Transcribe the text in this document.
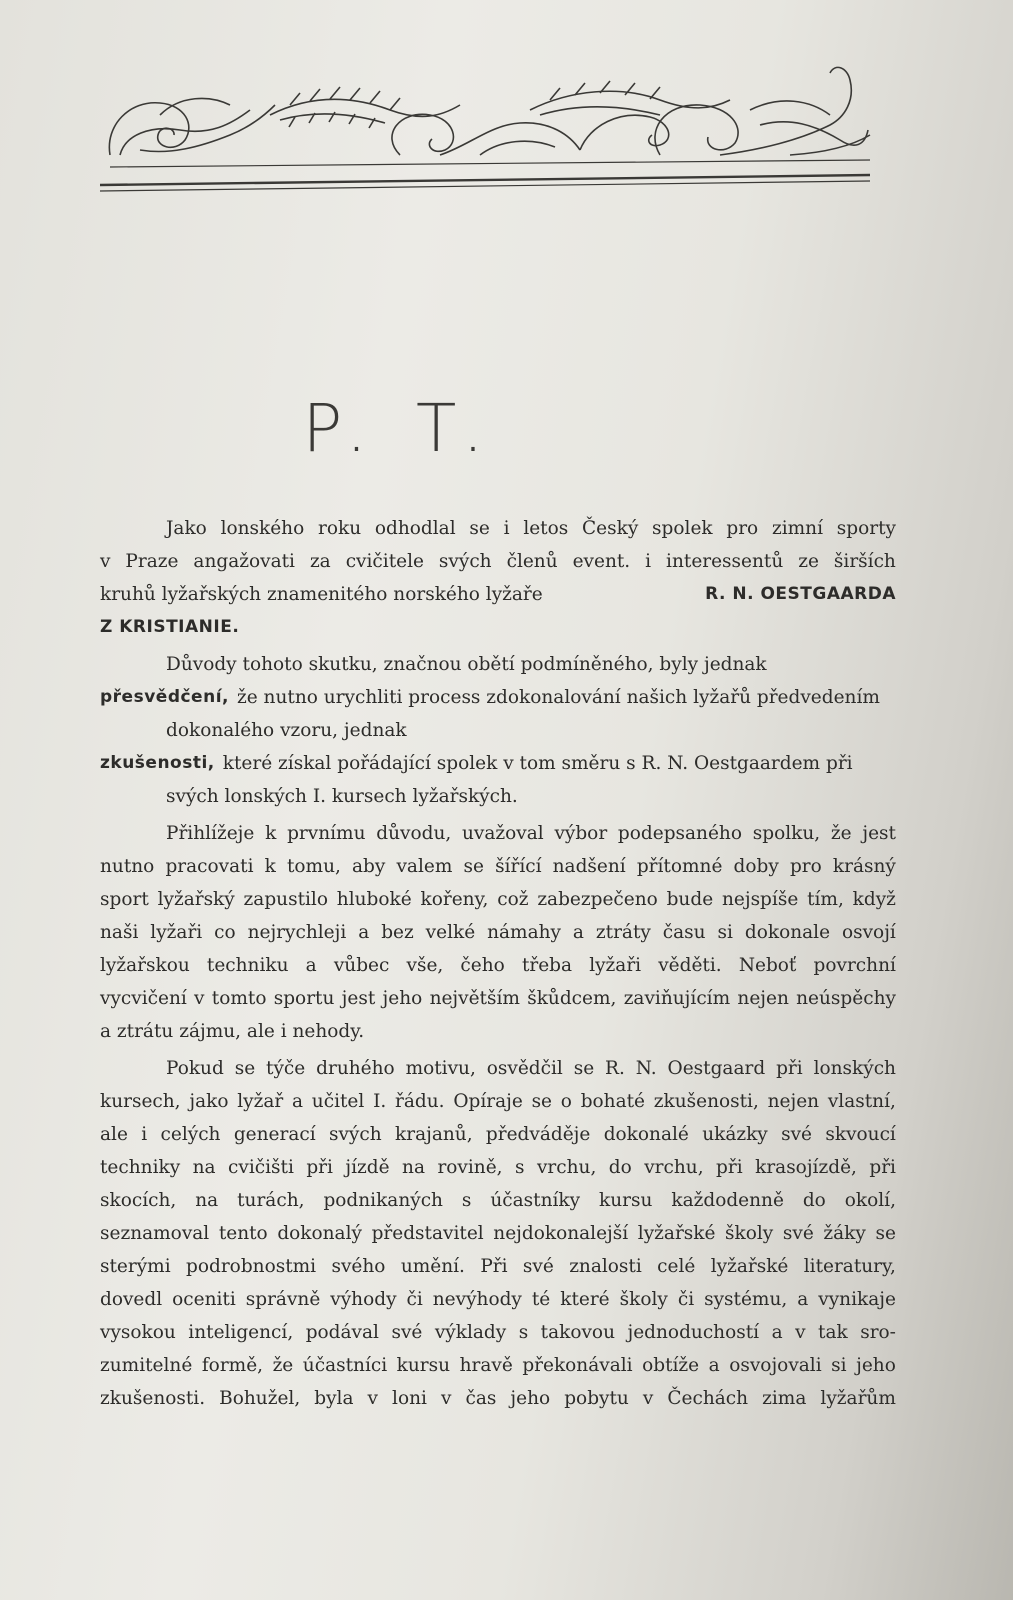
P. T.
Jako lonského roku odhodlal se i letos Český spolek pro zimní sporty
v Praze angažovati za cvičitele svých členů event. i interessentů ze širších
kruhů lyžařských znamenitého norského lyžaře	R. N. OESTGAARDA
Z KRISTIANIE.
Důvody tohoto skutku, značnou obětí podmíněného, byly jednak
přesvědčení, že nutno urychliti process zdokonalování našich lyžařů předvedením
dokonalého vzoru, jednak
zkušenosti, které získal pořádající spolek v tom směru s R. N. Oestgaardem při
svých lonských I. kursech lyžařských.
Přihlížeje k prvnímu důvodu, uvažoval výbor podepsaného spolku, že jest
nutno pracovati k tomu, aby valem se šířící nadšení přítomné doby pro krásný
sport lyžařský zapustilo hluboké kořeny, což zabezpečeno bude nejspíše tím, když
naši lyžaři co nejrychleji a bez velké námahy a ztráty času si dokonale osvojí
lyžařskou techniku a vůbec vše, čeho třeba lyžaři věděti. Neboť povrchní
vycvičení v tomto sportu jest jeho největším škůdcem, zaviňujícím nejen neúspěchy
a ztrátu zájmu, ale i nehody.
Pokud se týče druhého motivu, osvědčil se R. N. Oestgaard při lonských
kursech, jako lyžař a učitel I. řádu. Opíraje se o bohaté zkušenosti, nejen vlastní,
ale i celých generací svých krajanů, předváděje dokonalé ukázky své skvoucí
techniky na cvičišti při jízdě na rovině, s vrchu, do vrchu, při krasojízdě, při
skocích, na turách, podnikaných s účastníky kursu každodenně do okolí,
seznamoval tento dokonalý představitel nejdokonalejší lyžařské školy své žáky se
sterými podrobnostmi svého umění. Při své znalosti celé lyžařské literatury,
dovedl oceniti správně výhody či nevýhody té které školy či systému, a vynikaje
vysokou inteligencí, podával své výklady s takovou jednoduchostí a v tak sro-
zumitelné formě, že účastníci kursu hravě překonávali obtíže a osvojovali si jeho
zkušenosti. Bohužel, byla v loni v čas jeho pobytu v Čechách zima lyžařům
